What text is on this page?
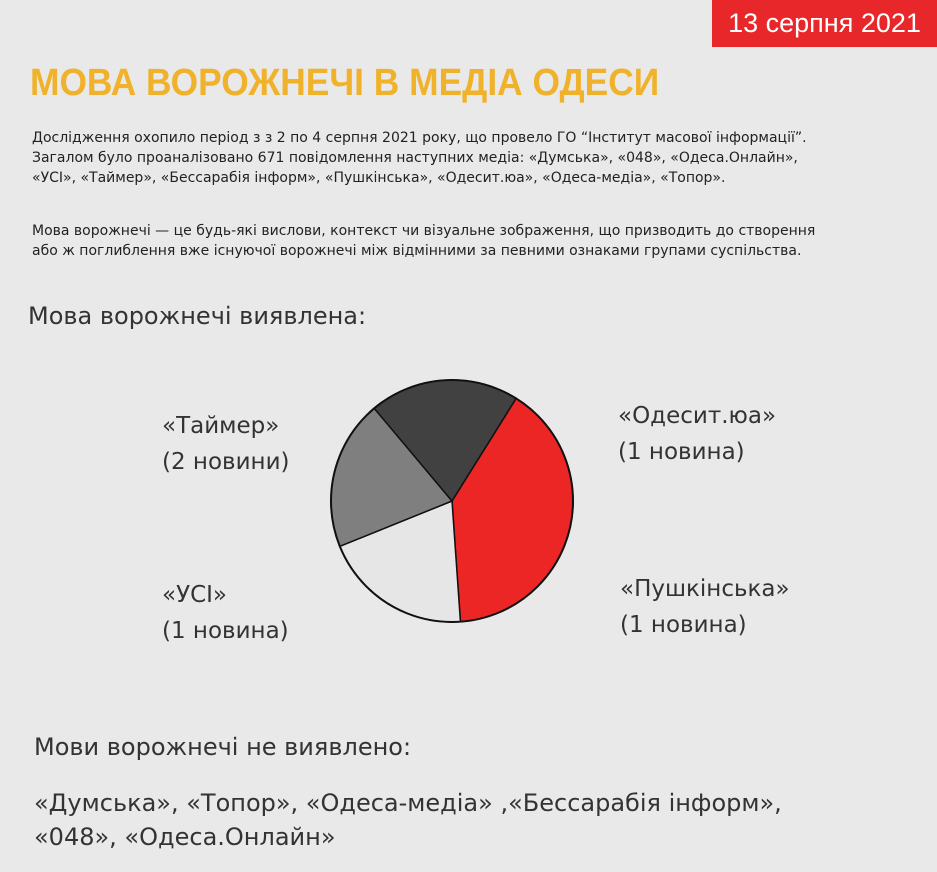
13 серпня 2021
МОВА ВОРОЖНЕЧІ В МЕДІА ОДЕСИ

Дослідження охопило період з з 2 по 4 серпня 2021 року, що провело ГО “Інститут масової інформації”.

Загалом було проаналізовано 671 повідомлення наступних медіа: «Думська», «048», «Одеса.Онлайн»,

«УСІ», «Таймер», «Бессарабія інформ», «Пушкінська», «Одесит.юа», «Одеса-медіа», «Топор».

Мова ворожнечі — це будь-які вислови, контекст чи візуальне зображення, що призводить до створення

або ж поглиблення вже існуючої ворожнечі між відмінними за певними ознаками групами суспільства.

Мова ворожнечі виявлена:
«Таймер»
(2 новини)
«Одесит.юа»
(1 новина)
«Пушкінська»
(1 новина)
«УСІ»
(1 новина)
Мови ворожнечі не виявлено:

«Думська», «Топор», «Одеса-медіа» ,«Бессарабія інформ»,

«048», «Одеса.Онлайн»
